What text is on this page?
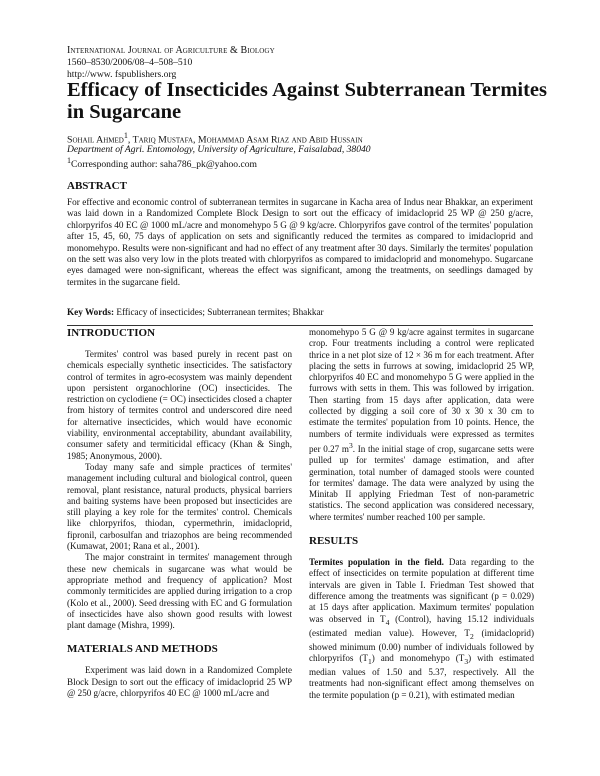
International Journal of Agriculture & Biology
1560–8530/2006/08–4–508–510
http://www. fspublishers.org
Efficacy of Insecticides Against Subterranean Termites in Sugarcane
Sohail Ahmed$^1$, Tariq Mustafa, Mohammad Asam Riaz and Abid Hussain
Department of Agri. Entomology, University of Agriculture, Faisalabad, 38040
$^1$Corresponding author: saha786_pk@yahoo.com
ABSTRACT

For effective and economic control of subterranean termites in sugarcane in Kacha area of Indus near Bhakkar, an experiment was laid down in a Randomized Complete Block Design to sort out the efficacy of imidacloprid 25 WP @ 250 g/acre, chlorpyrifos 40 EC @ 1000 mL/acre and monomehypo 5 G @ 9 kg/acre. Chlorpyrifos gave control of the termites' population after 15, 45, 60, 75 days of application on sets and significantly reduced the termites as compared to imidacloprid and monomehypo. Results were non-significant and had no effect of any treatment after 30 days. Similarly the termites' population on the sett was also very low in the plots treated with chlorpyrifos as compared to imidacloprid and monomehypo. Sugarcane eyes damaged were non-significant, whereas the effect was significant, among the treatments, on seedlings damaged by termites in the sugarcane field.

Key Words: Efficacy of insecticides; Subterranean termites; Bhakkar
INTRODUCTION

Termites' control was based purely in recent past on chemicals especially synthetic insecticides. The satisfactory control of termites in agro-ecosystem was mainly dependent upon persistent organochlorine (OC) insecticides. The restriction on cyclodiene (= OC) insecticides closed a chapter from history of termites control and underscored dire need for alternative insecticides, which would have economic viability, environmental acceptability, abundant availability, consumer safety and termiticidal efficacy (Khan & Singh, 1985; Anonymous, 2000).

Today many safe and simple practices of termites' management including cultural and biological control, queen removal, plant resistance, natural products, physical barriers and baiting systems have been proposed but insecticides are still playing a key role for the termites' control. Chemicals like chlorpyrifos, thiodan, cypermethrin, imidacloprid, fipronil, carbosulfan and triazophos are being recommended (Kumawat, 2001; Rana et al., 2001).

The major constraint in termites' management through these new chemicals in sugarcane was what would be appropriate method and frequency of application? Most commonly termiticides are applied during irrigation to a crop (Kolo et al., 2000). Seed dressing with EC and G formulation of insecticides have also shown good results with lowest plant damage (Mishra, 1999).

MATERIALS AND METHODS

Experiment was laid down in a Randomized Complete Block Design to sort out the efficacy of imidacloprid 25 WP @ 250 g/acre, chlorpyrifos 40 EC @ 1000 mL/acre and

monomehypo 5 G @ 9 kg/acre against termites in sugarcane crop. Four treatments including a control were replicated thrice in a net plot size of 12 × 36 m for each treatment. After placing the setts in furrows at sowing, imidacloprid 25 WP, chlorpyrifos 40 EC and monomehypo 5 G were applied in the furrows with setts in them. This was followed by irrigation. Then starting from 15 days after application, data were collected by digging a soil core of 30 x 30 x 30 cm to estimate the termites' population from 10 points. Hence, the numbers of termite individuals were expressed as termites per 0.27 $m^3$. In the initial stage of crop, sugarcane setts were pulled up for termites' damage estimation, and after germination, total number of damaged stools were counted for termites' damage. The data were analyzed by using the Minitab II applying Friedman Test of non-parametric statistics. The second application was considered necessary, where termites' number reached 100 per sample.

RESULTS

Termites population in the field. Data regarding to the effect of insecticides on termite population at different time intervals are given in Table I. Friedman Test showed that difference among the treatments was significant (p = 0.029) at 15 days after application. Maximum termites' population was observed in $T_4$ (Control), having 15.12 individuals (estimated median value). However, $T_2$ (imidacloprid) showed minimum (0.00) number of individuals followed by chlorpyrifos $(T_1)$ and monomehypo $(T_3)$ with estimated median values of 1.50 and 5.37, respectively. All the treatments had non-significant effect among themselves on the termite population (p = 0.21), with estimated median
